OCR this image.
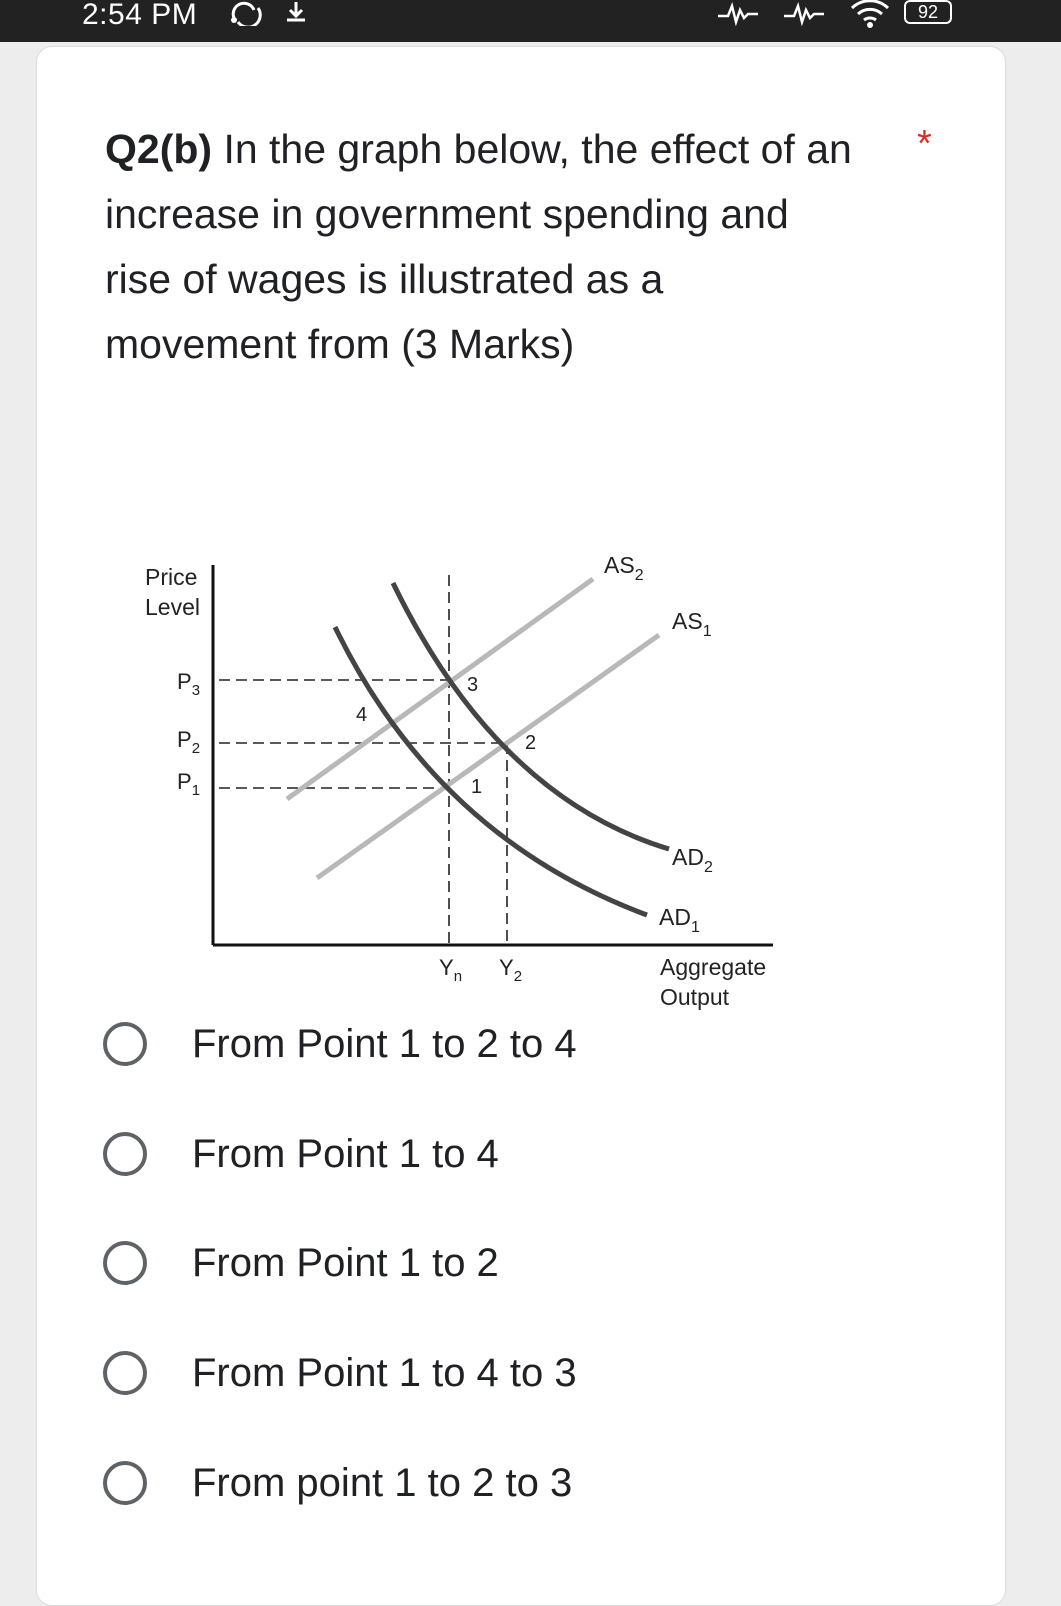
2:54 PM	92
Q2(b) In the graph below, the effect of an increase in government spending and rise of wages is illustrated as a movement from (3 Marks)
*
Price
Level
Aggregate
Output
$P_3$
$P_2$
$P_1$
$Y_n$ $Y_2$
$AS_2$
$AS_1$
$AD_2$
$AD_1$
1
2
3
4
From Point 1 to 2 to 4
From Point 1 to 4
From Point 1 to 2
From Point 1 to 4 to 3
From point 1 to 2 to 3
